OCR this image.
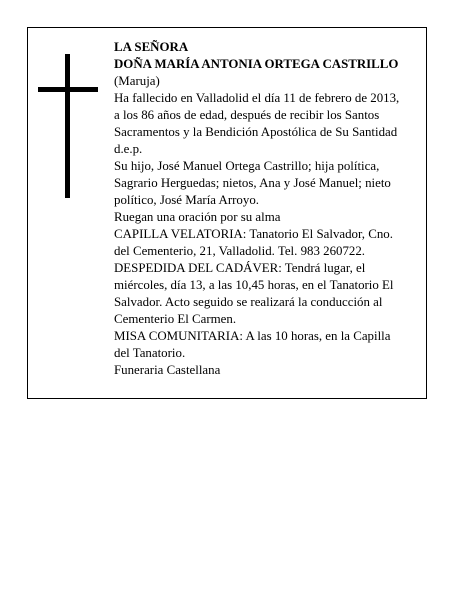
LA SEÑORA
DOÑA MARÍA ANTONIA ORTEGA CASTRILLO
(Maruja)
Ha fallecido en Valladolid el día 11 de febrero de 2013,
a los 86 años de edad, después de recibir los Santos
Sacramentos y la Bendición Apostólica de Su Santidad
d.e.p.
Su hijo, José Manuel Ortega Castrillo; hija política,
Sagrario Herguedas; nietos, Ana y José Manuel; nieto
político, José María Arroyo.
Ruegan una oración por su alma
CAPILLA VELATORIA: Tanatorio El Salvador, Cno.
del Cementerio, 21, Valladolid. Tel. 983 260722.
DESPEDIDA DEL CADÁVER: Tendrá lugar, el
miércoles, día 13, a las 10,45 horas, en el Tanatorio El
Salvador. Acto seguido se realizará la conducción al
Cementerio El Carmen.
MISA COMUNITARIA: A las 10 horas, en la Capilla
del Tanatorio.
Funeraria Castellana
